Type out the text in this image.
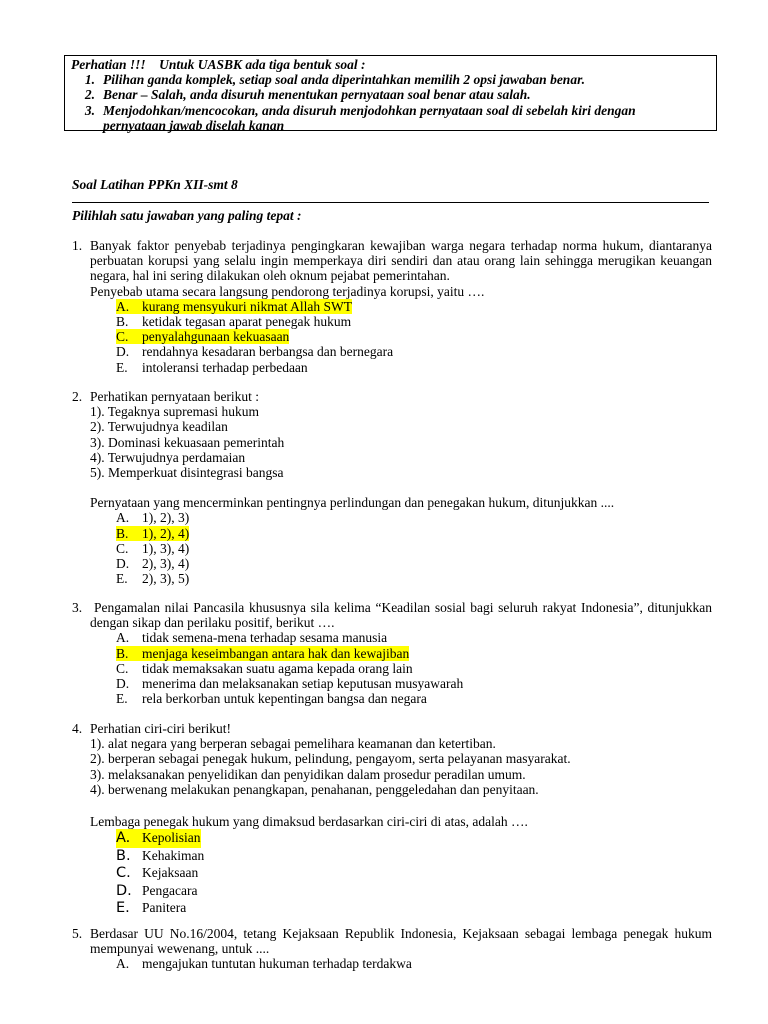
Perhatian !!!    Untuk UASBK ada tiga bentuk soal :
1. Pilihan ganda komplek, setiap soal anda diperintahkan memilih 2 opsi jawaban benar.
2. Benar – Salah, anda disuruh menentukan pernyataan soal benar atau salah.
3. Menjodohkan/mencocokan, anda disuruh menjodohkan pernyataan soal di sebelah kiri dengan pernyataan jawab diselah kanan
Soal Latihan PPKn XII-smt 8
Pilihlah satu jawaban yang paling tepat :
1. Banyak faktor penyebab terjadinya pengingkaran kewajiban warga negara terhadap norma hukum, diantaranya perbuatan korupsi yang selalu ingin memperkaya diri sendiri dan atau orang lain sehingga merugikan keuangan negara, hal ini sering dilakukan oleh oknum pejabat pemerintahan.
Penyebab utama secara langsung pendorong terjadinya korupsi, yaitu ….
A. kurang mensyukuri nikmat Allah SWT
B. ketidak tegasan aparat penegak hukum
C. penyalahgunaan kekuasaan
D. rendahnya kesadaran berbangsa dan bernegara
E. intoleransi terhadap perbedaan
2. Perhatikan pernyataan berikut :
1). Tegaknya supremasi hukum
2). Terwujudnya keadilan
3). Dominasi kekuasaan pemerintah
4). Terwujudnya perdamaian
5). Memperkuat disintegrasi bangsa
Pernyataan yang mencerminkan pentingnya perlindungan dan penegakan hukum, ditunjukkan ....
A. 1), 2), 3)
B. 1), 2), 4)
C. 1), 3), 4)
D. 2), 3), 4)
E. 2), 3), 5)
3. Pengamalan nilai Pancasila khususnya sila kelima “Keadilan sosial bagi seluruh rakyat Indonesia”, ditunjukkan dengan sikap dan perilaku positif, berikut ….
A. tidak semena-mena terhadap sesama manusia
B. menjaga keseimbangan antara hak dan kewajiban
C. tidak memaksakan suatu agama kepada orang lain
D. menerima dan melaksanakan setiap keputusan musyawarah
E. rela berkorban untuk kepentingan bangsa dan negara
4. Perhatian ciri-ciri berikut!
1). alat negara yang berperan sebagai pemelihara keamanan dan ketertiban.
2). berperan sebagai penegak hukum, pelindung, pengayom, serta pelayanan masyarakat.
3). melaksanakan penyelidikan dan penyidikan dalam prosedur peradilan umum.
4). berwenang melakukan penangkapan, penahanan, penggeledahan dan penyitaan.
Lembaga penegak hukum yang dimaksud berdasarkan ciri-ciri di atas, adalah ….
A. Kepolisian
B. Kehakiman
C. Kejaksaan
D. Pengacara
E. Panitera
5. Berdasar UU No.16/2004, tetang Kejaksaan Republik Indonesia, Kejaksaan sebagai lembaga penegak hukum mempunyai wewenang, untuk ....
A. mengajukan tuntutan hukuman terhadap terdakwa
